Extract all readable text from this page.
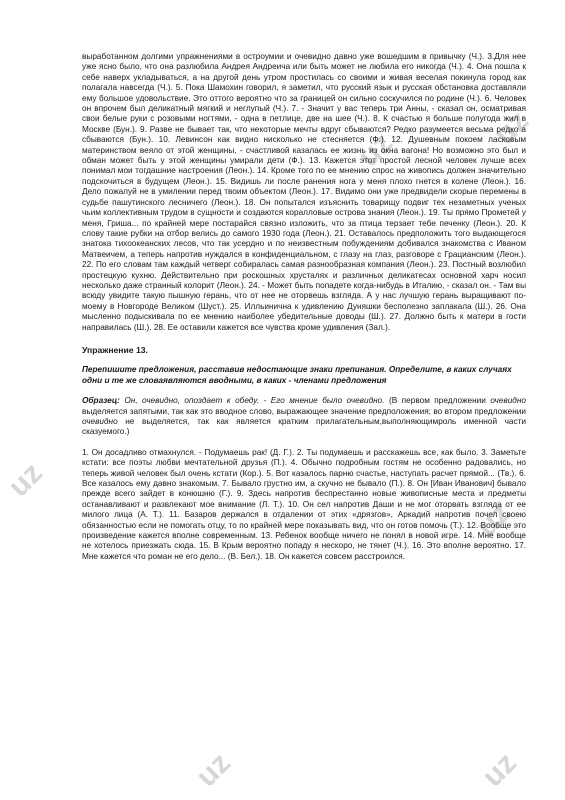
uz	uz
uz
uz
uz	uz

выработанном долгими упражнениями в остроумии и очевидно давно уже вошедшим в привычку (Ч.). 3.Для нее уже ясно было, что она разлюбила Андрея Андреича или быть может не любила его никогда (Ч.). 4. Она пошла к себе наверх укладываться, а на другой день утром простилась со своими и живая веселая покинула город как полагала навсегда (Ч.). 5. Пока Шамохин говорил, я заметил, что русский язык и русская обстановка доставляли ему большое удовольствие. Это оттого вероятно что за границей он сильно соскучился по родине (Ч.). 6. Человек он впрочем был деликатный мягкий и неглупый (Ч.). 7. - Значит у вас теперь три Анны, - сказал он, осматривая свои белые руки с розовыми ногтями, - одна в петлице, две на шее (Ч.). 8. К счастью я больше полугода жил в Москве (Бун.). 9. Разве не бывает так, что некоторые мечты вдруг сбываются? Редко разумеется весьма редко а сбываются (Бун.). 10. Левинсон как видно нисколько не стесняется (Ф.). 12. Душевным покоем ласковым материнством веяло от этой женщины, - счастливой казалась ее жизнь из окна вагона! Но возможно это был и обман может быть у этой женщины умирали дети (Ф.). 13. Кажется этот простой лесной человек лучше всех понимал мои тогдашние настроения (Леон.). 14. Кроме того по ее мнению спрос на живопись должен значительно подскочиться в будущем (Леон.). 15. Видишь ли после ранения нога у меня плохо гнется в колене (Леон.). 16. Дело пожалуй не в умилении перед твоим объектом (Леон.). 17. Видимо они уже предвидели скорые перемены в судьбе пашутинского лесничего (Леон.). 18. Он попытался изъяснить товарищу подвиг тех незаметных ученых чьим коллективным трудом в сущности и создаются коралловые острова знания (Леон.). 19. Ты прямо Прометей у меня, Гриша... по крайней мере постарайся связно изложить, что за птица терзает тебе печенку (Леон.). 20. К слову такие рубки на отбор велись до самого 1930 года (Леон.). 21. Оставалось предположить того выдающегося знатока тихоокеанских лесов, что так усердно и по неизвестным побуждениям добивался знакомства с Иваном Матвеичем, а теперь напротив нуждался в конфиденциальном, с глазу на глаз, разговоре с Грацианским (Леон.). 22. По его словам там каждый четверг собиралась самая разнообразная компания (Леон.). 23. Постный возлюбил простецкую кухню. Действительно при роскошных хрусталях и различных деликатесах основной харч носил несколько даже странный колорит (Леон.). 24. - Может быть попадете когда-нибудь в Италию, - сказал он. - Там вы всюду увидите такую пышную герань, что от нее не оторвешь взгляда. А у нас лучшую герань выращивают по-моему в Новгороде Великом (Шуст.). 25. Илльинична к удивлению Дуняшки бесполезно заплакала (Ш.). 26. Она мысленно подыскивала по ее мнению наиболее убедительные доводы (Ш.). 27. Должно быть к матери в гости направилась (Ш.). 28. Ее оставили кажется все чувства кроме удивления (Зал.).

Упражнение 13.

Перепишите предложения, расставив недостающие знаки препинания. Определите, в каких случаях одни и те же словаявляются вводными, в каких - членами предложения

Образец: Он, очевидно, опоздает к обеду. - Его мнение было очевидно. (В первом предложении очевидно выделяется запятыми, так как это вводное слово, выражающее значение предположения; во втором предложении очевидно не выделяется, так как является кратким прилагательным,выполняющимроль именной части сказуемого.)

1. Он досадливо отмахнулся. - Подумаешь рак! (Д. Г.). 2. Ты подумаешь и расскажешь все, как было. 3. Заметьте кстати: все поэты любви мечтательной друзья (П.). 4. Обычно подробным гостям не особенно радовались, но теперь живой человек был очень кстати (Кор.). 5. Вот казалось парню счастье, наступать расчет прямой... (Тв.). 6. Все казалось ему давно знакомым. 7. Бывало грустно им, а скучно не бывало (П.). 8. Он [Иван Иванович] бывало прежде всего зайдет в конюшню (Г.). 9. Здесь напротив беспрестанно новые живописные места и предметы останавливают и развлекают мое внимание (Л. Т.). 10. Он сел напротив Даши и не мог оторвать взгляда от ее милого лица (А. Т.). 11. Базаров держался в отдалении от этих «дрязгов», Аркадий напротив почел своею обязанностью если не помогать отцу, то по крайней мере показывать вид, что он готов помочь (Т.). 12. Вообще это произведение кажется вполне современным. 13. Ребенок вообще ничего не понял в новой игре. 14. Мне вообще не хотелось приезжать сюда. 15. В Крым вероятно попаду я нескоро, не тянет (Ч.). 16. Это вполне вероятно. 17. Мне кажется что роман не его дело... (В. Бел.). 18. Он кажется совсем расстроился.
